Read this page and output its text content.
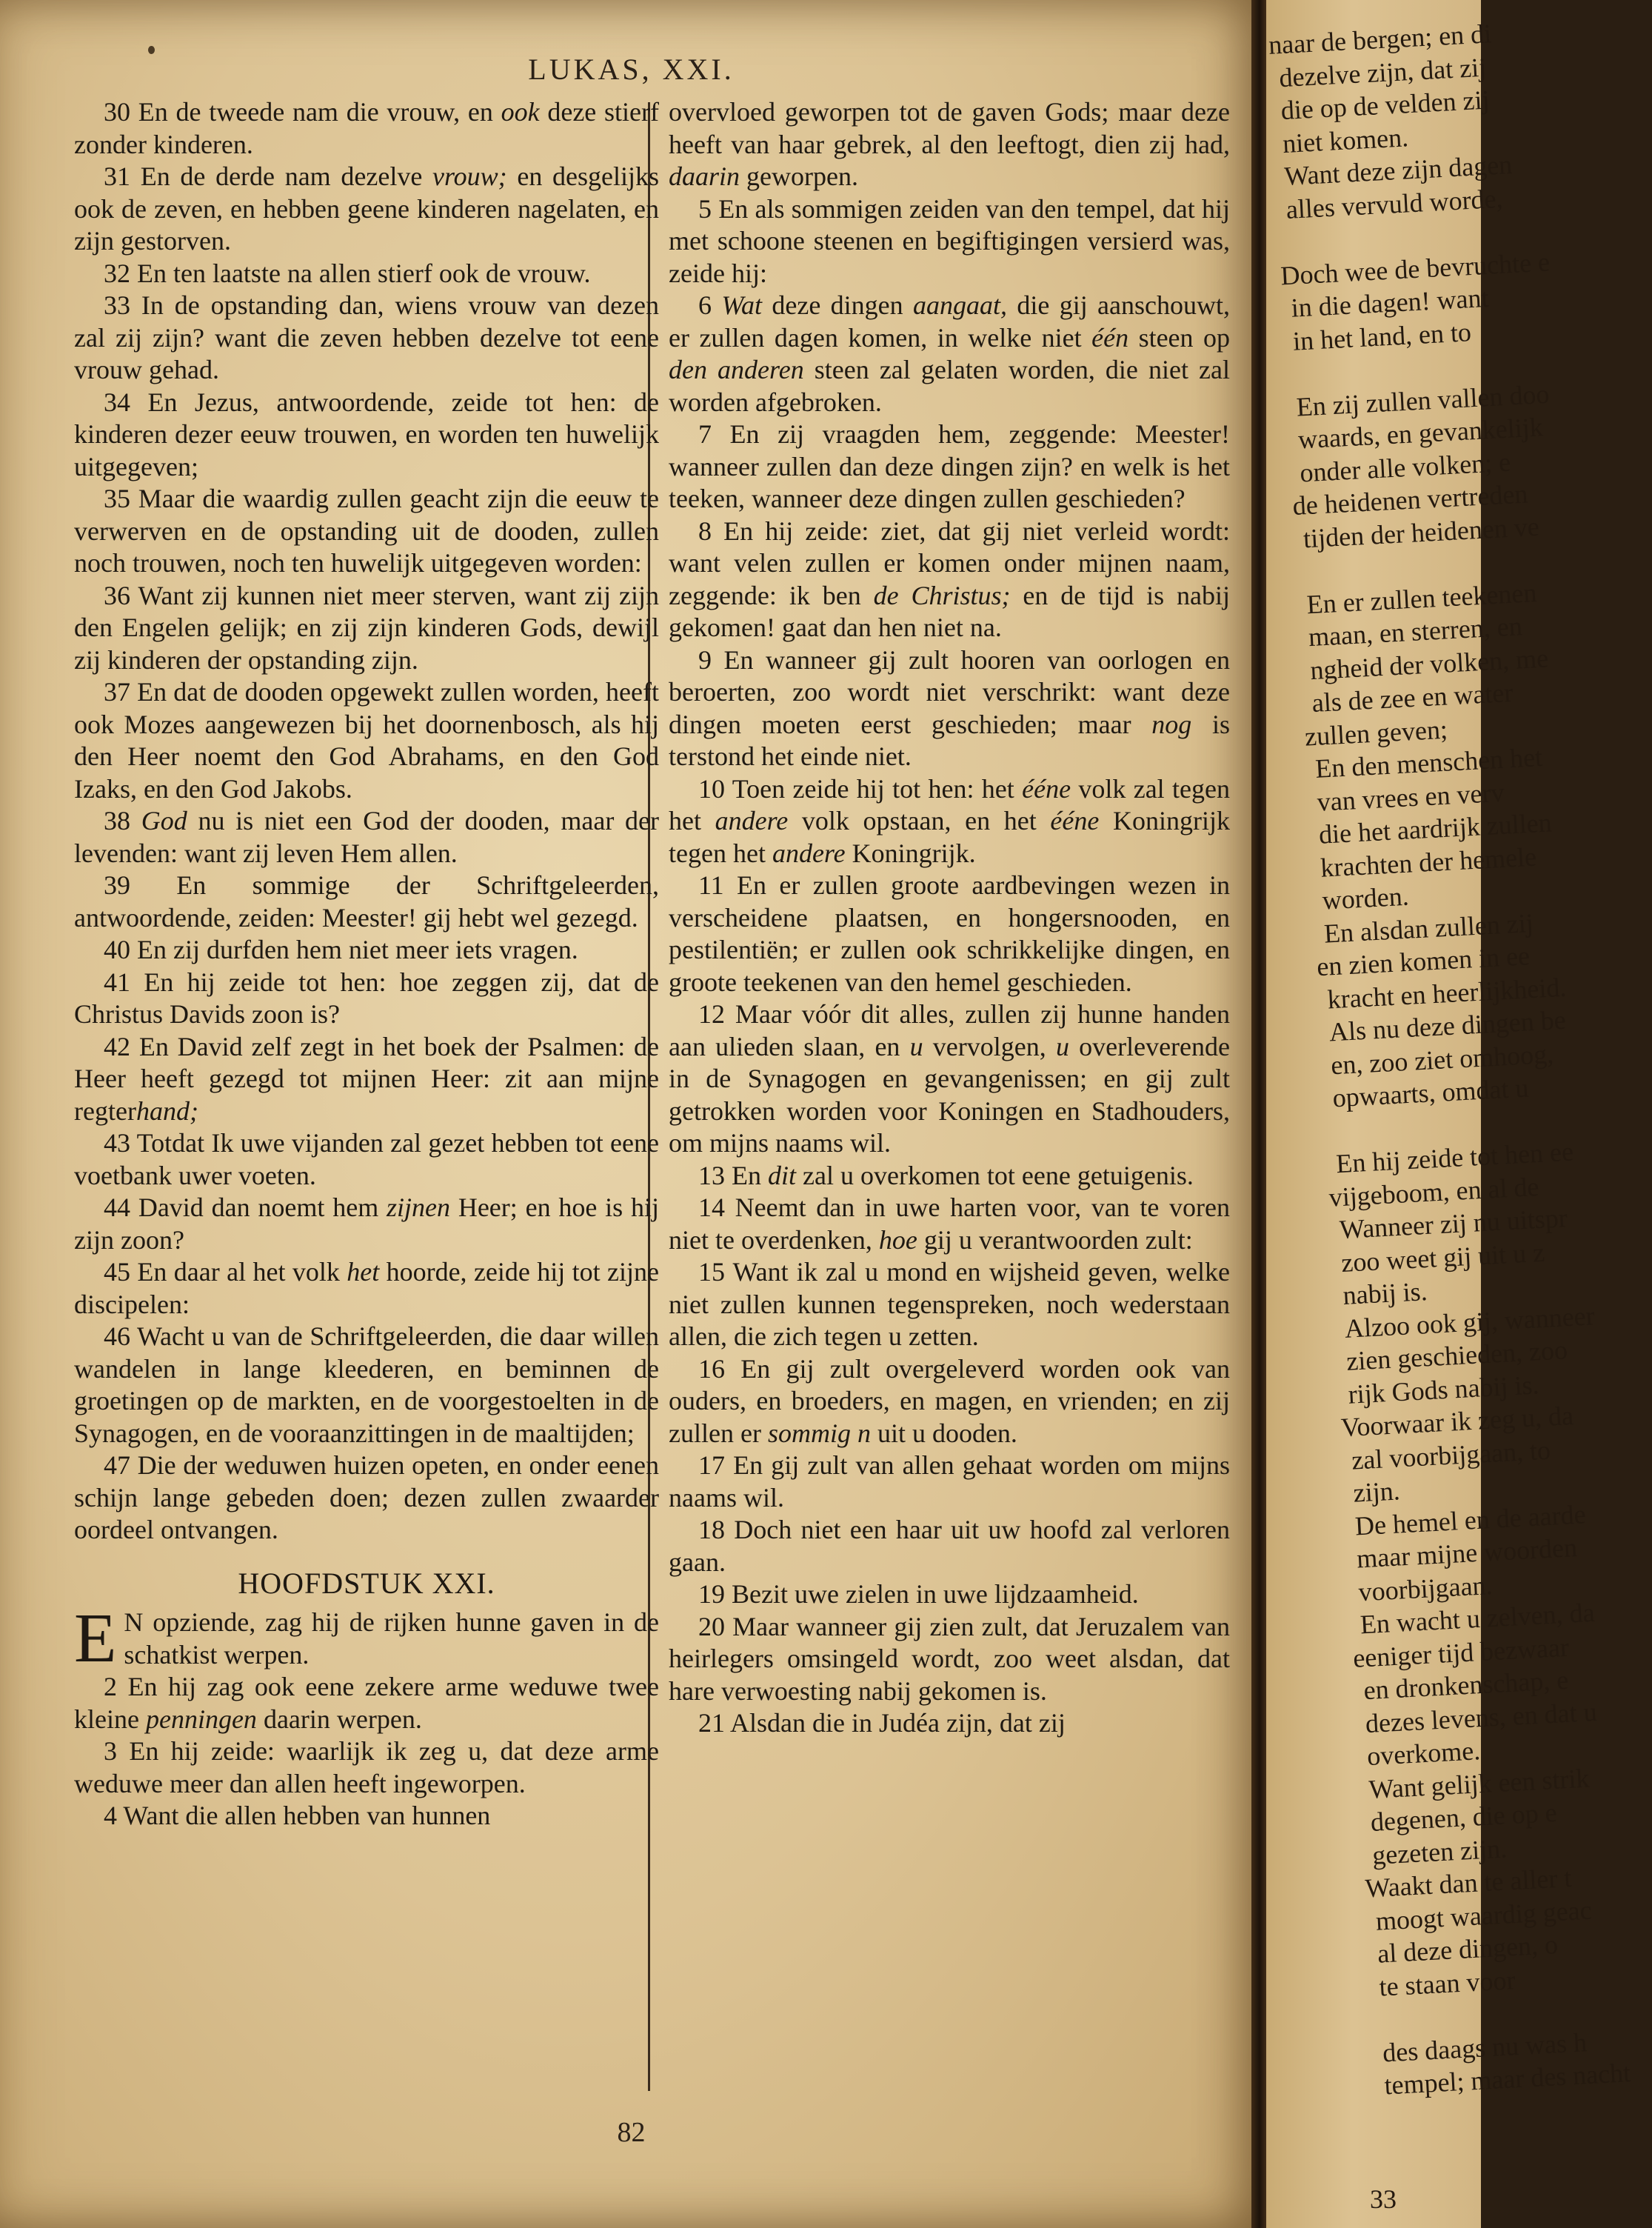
LUKAS, XXI.

30 En de tweede nam die vrouw, en ook deze stierf zonder kinderen.

31 En de derde nam dezelve vrouw; en desgelijks ook de zeven, en hebben geene kinderen nagelaten, en zijn gestorven.

32 En ten laatste na allen stierf ook de vrouw.

33 In de opstanding dan, wiens vrouw van dezen zal zij zijn? want die zeven hebben dezelve tot eene vrouw gehad.

34 En Jezus, antwoordende, zeide tot hen: de kinderen dezer eeuw trouwen, en worden ten huwelijk uitgegeven;

35 Maar die waardig zullen geacht zijn die eeuw te verwerven en de opstanding uit de dooden, zullen noch trouwen, noch ten huwelijk uitgegeven worden:

36 Want zij kunnen niet meer sterven, want zij zijn den Engelen gelijk; en zij zijn kinderen Gods, dewijl zij kinderen der opstanding zijn.

37 En dat de dooden opgewekt zullen worden, heeft ook Mozes aangewezen bij het doornenbosch, als hij den Heer noemt den God Abrahams, en den God Izaks, en den God Jakobs.

38 God nu is niet een God der dooden, maar der levenden: want zij leven Hem allen.

39 En sommige der Schriftgeleerden, antwoordende, zeiden: Meester! gij hebt wel gezegd.

40 En zij durfden hem niet meer iets vragen.

41 En hij zeide tot hen: hoe zeggen zij, dat de Christus Davids zoon is?

42 En David zelf zegt in het boek der Psalmen: de Heer heeft gezegd tot mijnen Heer: zit aan mijne regterhand;

43 Totdat Ik uwe vijanden zal gezet hebben tot eene voetbank uwer voeten.

44 David dan noemt hem zijnen Heer; en hoe is hij zijn zoon?

45 En daar al het volk het hoorde, zeide hij tot zijne discipelen:

46 Wacht u van de Schriftgeleerden, die daar willen wandelen in lange kleederen, en beminnen de groetingen op de markten, en de voorgestoelten in de Synagogen, en de vooraanzittingen in de maaltijden;

47 Die der weduwen huizen opeten, en onder eenen schijn lange gebeden doen; dezen zullen zwaarder oordeel ontvangen.

HOOFDSTUK XXI.

E N opziende, zag hij de rijken hunne gaven in de schatkist werpen.

2 En hij zag ook eene zekere arme weduwe twee kleine penningen daarin werpen.

3 En hij zeide: waarlijk ik zeg u, dat deze arme weduwe meer dan allen heeft ingeworpen.

4 Want die allen hebben van hunnen

overvloed geworpen tot de gaven Gods; maar deze heeft van haar gebrek, al den leeftogt, dien zij had, daarin geworpen.

5 En als sommigen zeiden van den tempel, dat hij met schoone steenen en begiftigingen versierd was, zeide hij:

6 Wat deze dingen aangaat, die gij aanschouwt, er zullen dagen komen, in welke niet één steen op den anderen steen zal gelaten worden, die niet zal worden afgebroken.

7 En zij vraagden hem, zeggende: Meester! wanneer zullen dan deze dingen zijn? en welk is het teeken, wanneer deze dingen zullen geschieden?

8 En hij zeide: ziet, dat gij niet verleid wordt: want velen zullen er komen onder mijnen naam, zeggende: ik ben de Christus; en de tijd is nabij gekomen! gaat dan hen niet na.

9 En wanneer gij zult hooren van oorlogen en beroerten, zoo wordt niet verschrikt: want deze dingen moeten eerst geschieden; maar nog is terstond het einde niet.

10 Toen zeide hij tot hen: het ééne volk zal tegen het andere volk opstaan, en het ééne Koningrijk tegen het andere Koningrijk.

11 En er zullen groote aardbevingen wezen in verscheidene plaatsen, en hongersnooden, en pestilentiën; er zullen ook schrikkelijke dingen, en groote teekenen van den hemel geschieden.

12 Maar vóór dit alles, zullen zij hunne handen aan ulieden slaan, en u vervolgen, u overleverende in de Synagogen en gevangenissen; en gij zult getrokken worden voor Koningen en Stadhouders, om mijns naams wil.

13 En dit zal u overkomen tot eene getuigenis.

14 Neemt dan in uwe harten voor, van te voren niet te overdenken, hoe gij u verantwoorden zult:

15 Want ik zal u mond en wijsheid geven, welke niet zullen kunnen tegenspreken, noch wederstaan allen, die zich tegen u zetten.

16 En gij zult overgeleverd worden ook van ouders, en broeders, en magen, en vrienden; en zij zullen er sommig n uit u dooden.

17 En gij zult van allen gehaat worden om mijns naams wil.

18 Doch niet een haar uit uw hoofd zal verloren gaan.

19 Bezit uwe zielen in uwe lijdzaamheid.

20 Maar wanneer gij zien zult, dat Jeruzalem van heirlegers omsingeld wordt, zoo weet alsdan, dat hare verwoesting nabij gekomen is.

21 Alsdan die in Judéa zijn, dat zij

82
naar de bergen; en di
dezelve zijn, dat zij
die op de velden zij
niet komen.
Want deze zijn dagen
alles vervuld worde,
Doch wee de bevruchte e
in die dagen! want
in het land, en to
En zij zullen vallen doo
waards, en gevankelijk
onder alle volken; e
de heidenen vertreden
tijden der heidenen ve
En er zullen teekenen
maan, en sterren, en
ngheid der volken, me
als de zee en water
zullen geven;
En den menschen het
van vrees en verv
die het aardrijk zullen
krachten der hemele
worden.
En alsdan zullen zij
en zien komen in ee
kracht en heerlijkheid.
Als nu deze dingen be
en, zoo ziet omhoog,
opwaarts, omdat u
En hij zeide tot hen ee
vijgeboom, en al de
Wanneer zij nu uitspr
zoo weet gij uit u z
nabij is.
Alzoo ook gij, wanneer
zien geschieden, zoo
rijk Gods nabij is.
Voorwaar ik zeg u, da
zal voorbijgaan, to
zijn.
De hemel en de aarde
maar mijne woorden
voorbijgaan.
En wacht u zelven, da
eeniger tijd bezwaar
en dronkenschap, e
dezes levens, en dat u
overkome.
Want gelijk een strik
degenen, die op e
gezeten zijn.
Waakt dan te aller t
moogt waardig geac
al deze dingen, o
te staan voor
des daags nu was h
tempel; maar des nacht
33
